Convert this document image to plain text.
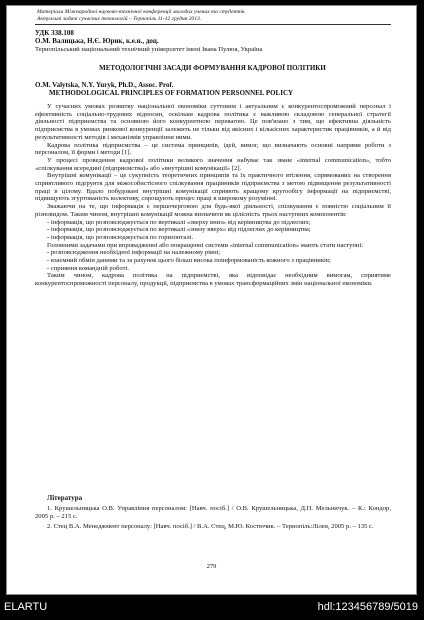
Матеріали Міжнародної науково-технічної конференції молодих учених та студентів.
Актуальні задачі сучасних технологій – Тернопіль 11-12 грудня 2013.
УДК 338.108
О.М. Валицька, Н.Є. Юрик, к.е.н., доц.
Тернопільський національний технічний університет імені Івана Пулюя, Україна
МЕТОДОЛОГІЧНІ ЗАСАДИ ФОРМУВАННЯ КАДРОВОЇ ПОЛІТИКИ
O.M. Valytska, N.Y. Yuryk, Ph.D., Assoc. Prof.
METHODOLOGICAL PRINCIPLES OF FORMATION PERSONNEL POLICY

У сучасних умовах розвитку національної економіки суттєвим і актуальним є конкурентоспроможний персонал і ефективність соціально-трудових відносин, оскільки кадрова політика є важливою складовою генеральної стратегії діяльності підприємства та основною його конкурентною перевагою. Це пов'язано з тим, що ефективна діяльність підприємства в умовах ринкової конкуренції залежить не тільки від якісних і кількісних характеристик працівників, а й від результативності методів і механізмів управління ними.

Кадрова політика підприємства – це система принципів, ідей, вимог, що визначають основні напрями роботи з персоналом, її форми і методи [1].

У процесі проведення кадрової політики великого значення набуває так зване «internal communication», тобто «спілкування всередині (підприємства)» або «внутрішні комунікації» [2].

Внутрішні комунікації – це сукупність теоретичних принципів та їх практичного втілення, спрямованих на створення сприятливого підґрунтя для міжособистісного спілкування працівників підприємства з метою підвищення результативності праці в цілому. Вдало побудовані внутрішні комунікації сприяють кращому кругообігу інформації на підприємстві, підвищують згуртованість колективу, спрощують процес праці в широкому розумінні.

Зважаючи на те, що інформація є першочерговою для будь-якої діяльності, спілкування є повністю соціальним її різновидом. Таким чином, внутрішні комунікації можна визначити як цілісність трьох наступних компонентів:

- інформація, що розповсюджується по вертикалі «зверху вниз» від керівництва до підлеглих;

- інформація, що розповсюджується по вертикалі «знизу вверх» від підлеглих до керівництва;

- інформація, що розповсюджується по горизонталі.

Головними задачами при впровадженні або покращенні системи «internal communication» мають стати наступні:

- розповсюдження необхідної інформації на належному рівні;

- взаємний обмін даними та за рахунок цього більш висока поінформованість кожного з працівників;

- сприяння командній роботі.

Таким чином, кадрова політика на підприємстві, яка відповідає необхідним вимогам, сприятиме конкурентоспроможності персоналу, продукції, підприємства в умовах трансформаційних змін національної економіки.

Література
1. Крушельницька О.В. Управління персоналом: [Навч. посіб.] / О.В. Крушельницька, Д.П. Мельничук. – К.: Кондор, 2005 р. – 215 с.
2. Стец В.А. Менеджмент персоналу: [Навч. посіб.] / В.А. Стец, М.Ю. Костючик. – Тернопіль:Лілея, 2005 р. – 135 с.
279
ELARTU	hdl:123456789/5019
